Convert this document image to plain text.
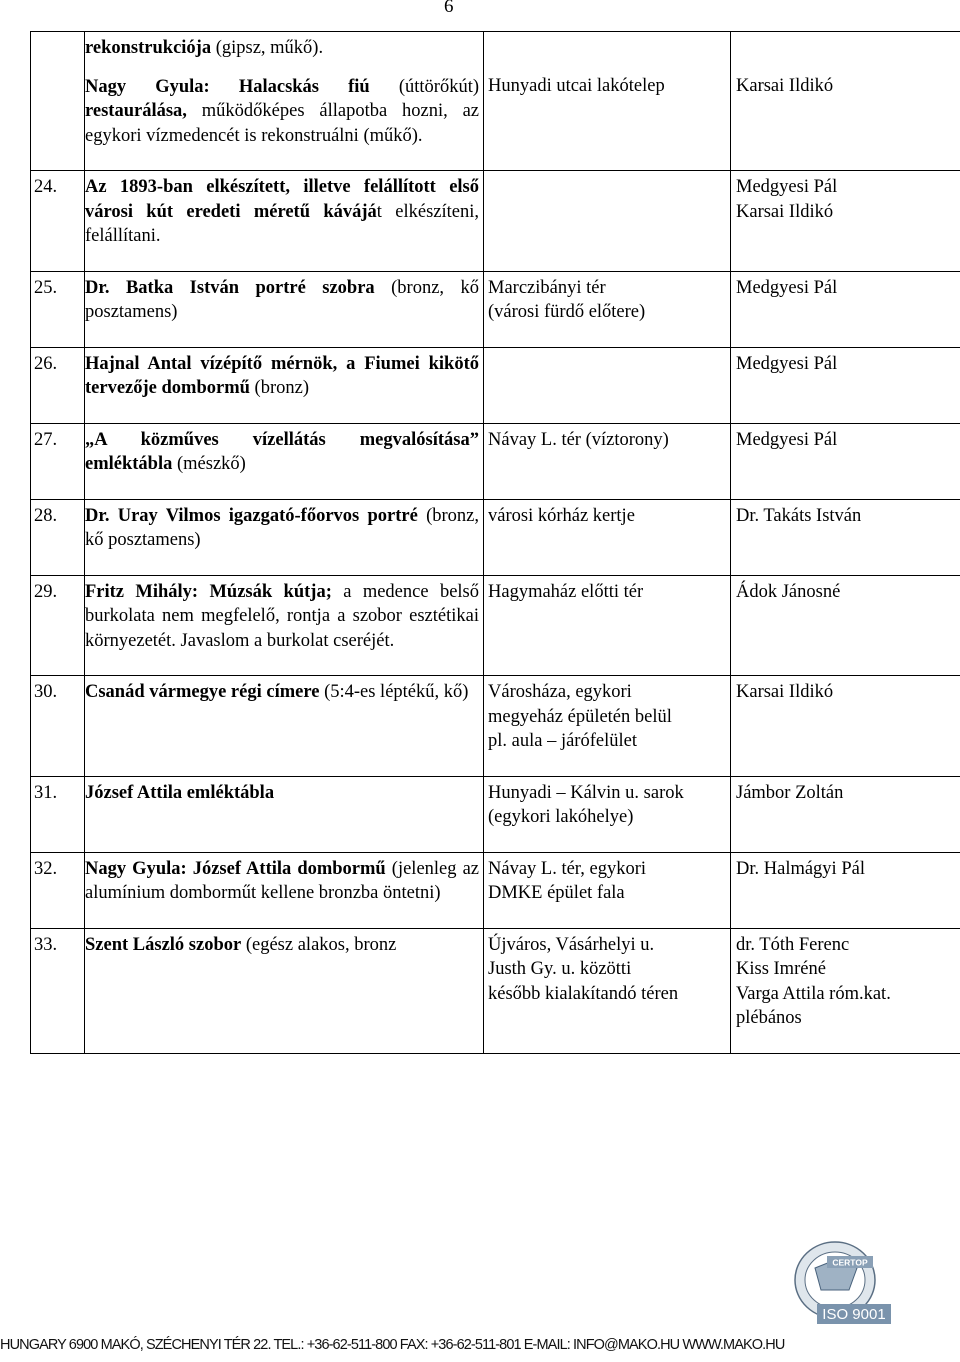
6

	rekonstrukciója (gipsz, műkő).
Nagy Gyula: Halacskás fiú (úttörőkút) restaurálása, működőképes állapotba hozni, az egykori vízmedencét is rekonstruálni (műkő).	Hunyadi utcai lakótelep	Karsai Ildikó

24.	Az 1893-ban elkészített, illetve felállított első városi kút eredeti méretű káváját elkészíteni, felállítani.		Medgyesi Pál
Karsai Ildikó

25.	Dr. Batka István portré szobra (bronz, kő posztamens)	Marczibányi tér
(városi fürdő előtere)	Medgyesi Pál

26.	Hajnal Antal vízépítő mérnök, a Fiumei kikötő tervezője dombormű (bronz)		Medgyesi Pál

27.	„A közműves vízellátás megvalósítása” emléktábla (mészkő)	Návay L. tér (víztorony)	Medgyesi Pál

28.	Dr. Uray Vilmos igazgató-főorvos portré (bronz, kő posztamens)	városi kórház kertje	Dr. Takáts István

29.	Fritz Mihály: Múzsák kútja; a medence belső burkolata nem megfelelő, rontja a szobor esztétikai környezetét. Javaslom a burkolat cseréjét.	Hagymaház előtti tér	Ádok Jánosné

30.	Csanád vármegye régi címere (5:4-es léptékű, kő)	Városháza, egykori
megyeház épületén belül
pl. aula – járófelület	Karsai Ildikó

31.	József Attila emléktábla	Hunyadi – Kálvin u. sarok
(egykori lakóhelye)	Jámbor Zoltán

32.	Nagy Gyula: József Attila dombormű (jelenleg az alumínium domborműt kellene bronzba öntetni)	Návay L. tér, egykori
DMKE épület fala	Dr. Halmágyi Pál

33.	Szent László szobor (egész alakos, bronz	Újváros, Vásárhelyi u.
Justh Gy. u. közötti
később kialakítandó téren	dr. Tóth Ferenc
Kiss Imréné
Varga Attila róm.kat.
plébános
CERTOP
ISO 9001
HUNGARY 6900 MAKÓ, SZÉCHENYI TÉR 22. TEL.: +36-62-511-800 FAX: +36-62-511-801 E-MAIL: INFO@MAKO.HU WWW.MAKO.HU
